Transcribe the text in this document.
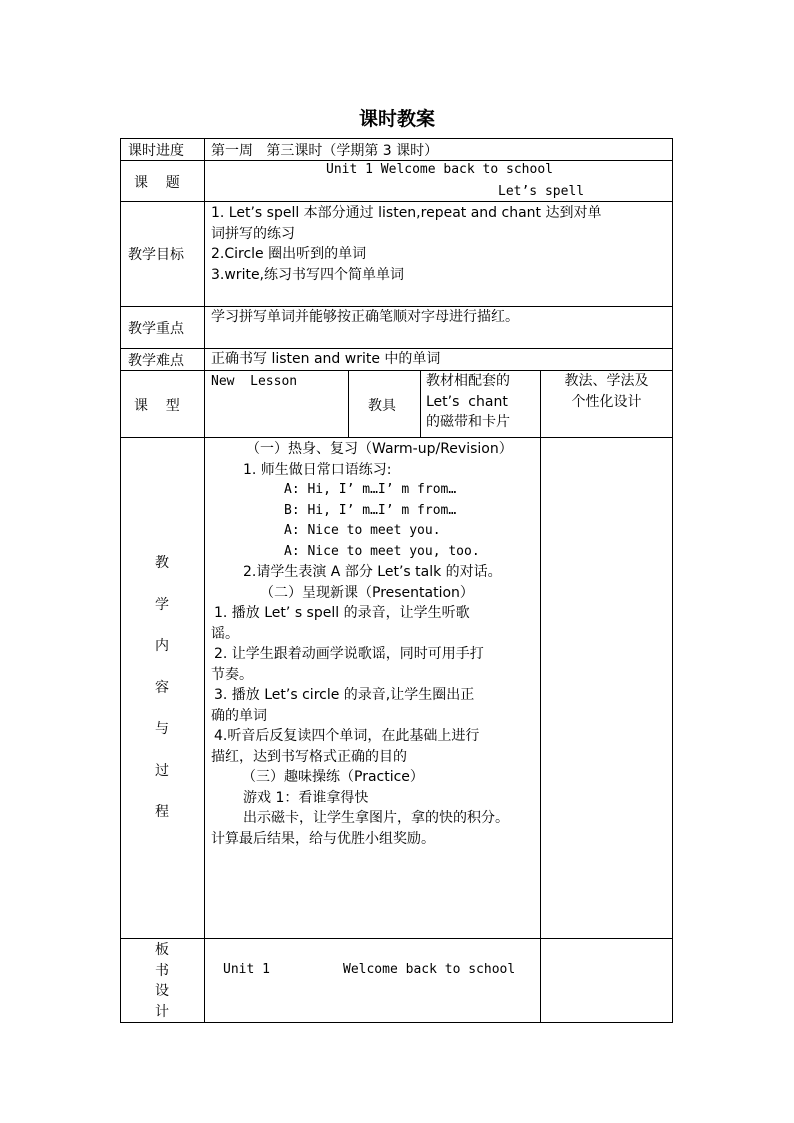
课时教案
课时进度 第一周   第三课时（学期第 3 课时）
课    题
Unit 1 Welcome back to school
Let’s spell
教学目标
1. Let’s spell 本部分通过 listen,repeat and chant 达到对单
词拼写的练习
2.Circle 圈出听到的单词
3.write,练习书写四个简单单词
教学重点
学习拼写单词并能够按正确笔顺对字母进行描红。
教学难点 正确书写 listen and write 中的单词
课    型
New  Lesson
教具
教材相配套的
Let’s  chant
的磁带和卡片
教法、学法及
个性化设计
教
学
内
容
与
过
程
（一）热身、复习（Warm-up/Revision）
1. 师生做日常口语练习:
A: Hi, I’ m…I’ m from…
B: Hi, I’ m…I’ m from…
A: Nice to meet you.
A: Nice to meet you, too.
2.请学生表演 A 部分 Let’s talk 的对话。
（二）呈现新课（Presentation）
1. 播放 Let’ s spell 的录音，让学生听歌
谣。
2. 让学生跟着动画学说歌谣，同时可用手打
节奏。
3. 播放 Let’s circle 的录音,让学生圈出正
确的单词
4.听音后反复读四个单词，在此基础上进行
描红，达到书写格式正确的目的
（三）趣味操练（Practice）
游戏 1：看谁拿得快
出示磁卡，让学生拿图片，拿的快的积分。
计算最后结果，给与优胜小组奖励。
板
书
设
计
Unit 1	Welcome back to school
